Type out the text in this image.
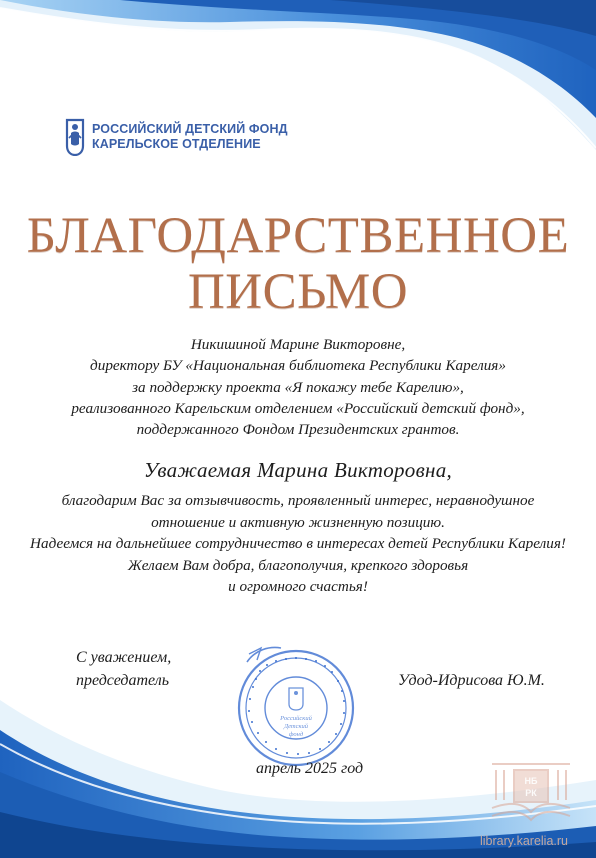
РОССИЙСКИЙ ДЕТСКИЙ ФОНД
КАРЕЛЬСКОЕ ОТДЕЛЕНИЕ
БЛАГОДАРСТВЕННОЕ
ПИСЬМО
Никишиной Марине Викторовне,
директору БУ «Национальная библиотека Республики Карелия»
за поддержку проекта «Я покажу тебе Карелию»,
реализованного Карельским отделением «Российский детский фонд»,
поддержанного Фондом Президентских грантов.
Уважаемая Марина Викторовна,
благодарим Вас за отзывчивость, проявленный интерес, неравнодушное
отношение и активную жизненную позицию.
Надеемся на дальнейшее сотрудничество в интересах детей Республики Карелия!
Желаем Вам добра, благополучия, крепкого здоровья
и огромного счастья!
С уважением,
председатель
Российский
Детский
фонд
Удод-Идрисова Ю.М.
апрель 2025 год
НБ
РК
library.karelia.ru
